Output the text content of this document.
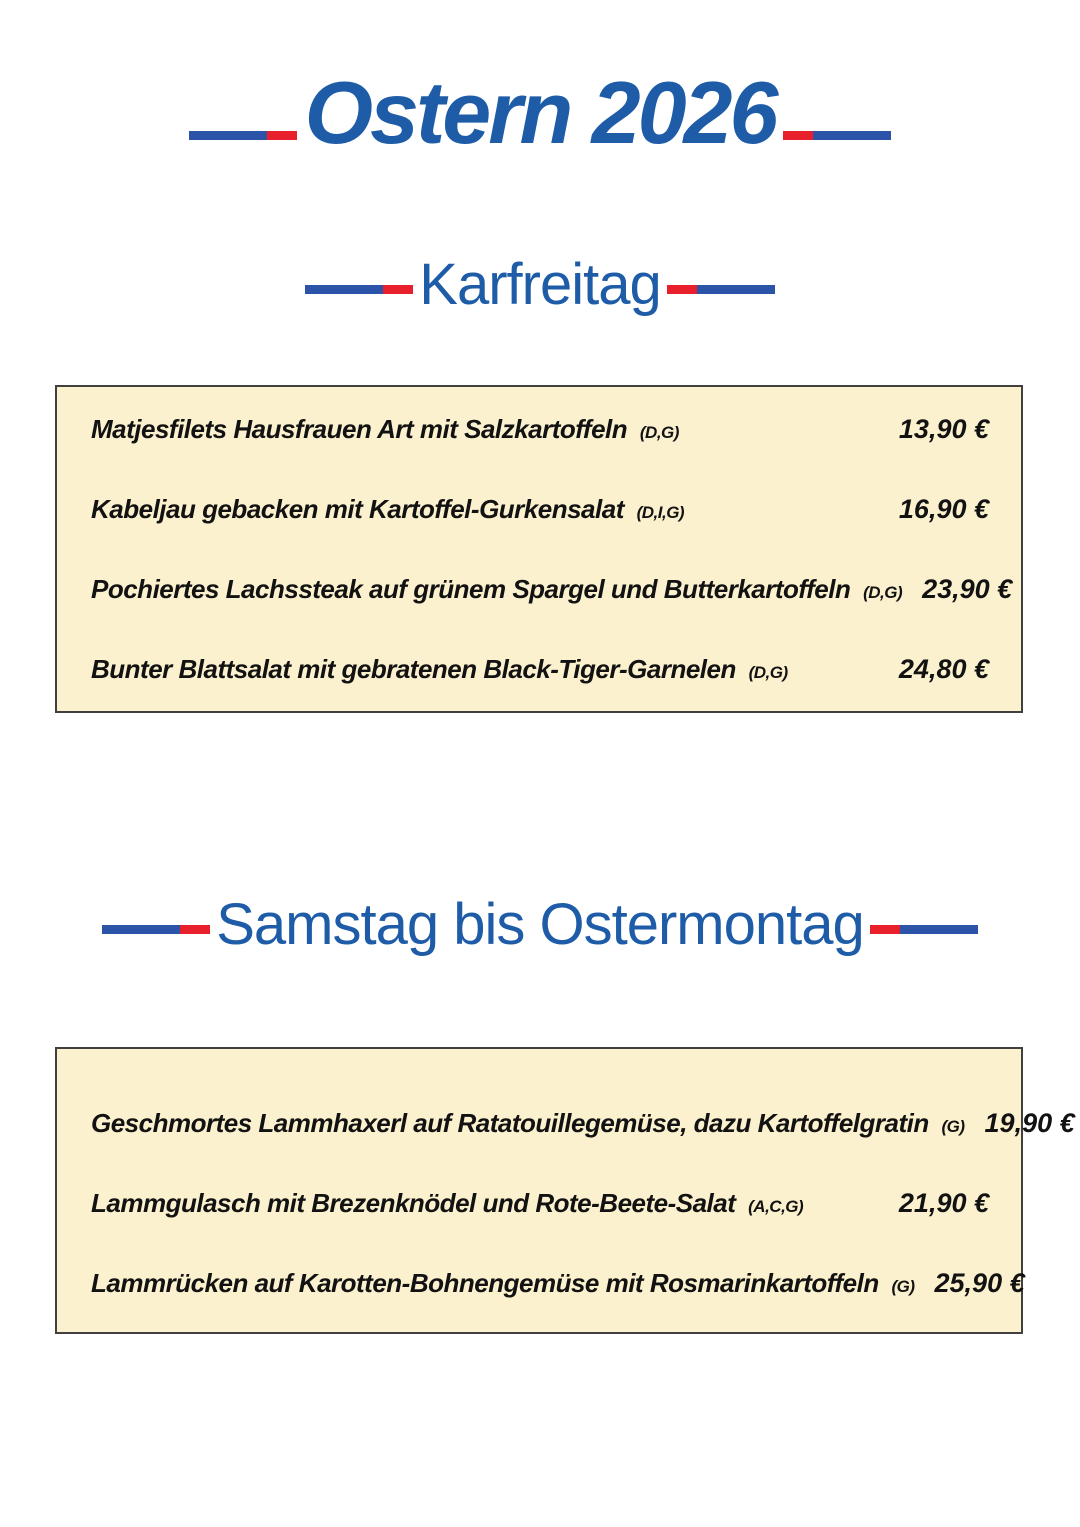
Ostern 2026
Karfreitag
Matjesfilets Hausfrauen Art mit Salzkartoffeln (D,G)	13,90 €
Kabeljau gebacken mit Kartoffel-Gurkensalat (D,I,G)	16,90 €
Pochiertes Lachssteak auf grünem Spargel und Butterkartoffeln (D,G) 23,90 €
Bunter Blattsalat mit gebratenen Black-Tiger-Garnelen (D,G)	24,80 €
Samstag bis Ostermontag
Geschmortes Lammhaxerl auf Ratatouillegemüse, dazu Kartoffelgratin (G) 19,90 €
Lammgulasch mit Brezenknödel und Rote-Beete-Salat (A,C,G)	21,90 €
Lammrücken auf Karotten-Bohnengemüse mit Rosmarinkartoffeln (G) 25,90 €
